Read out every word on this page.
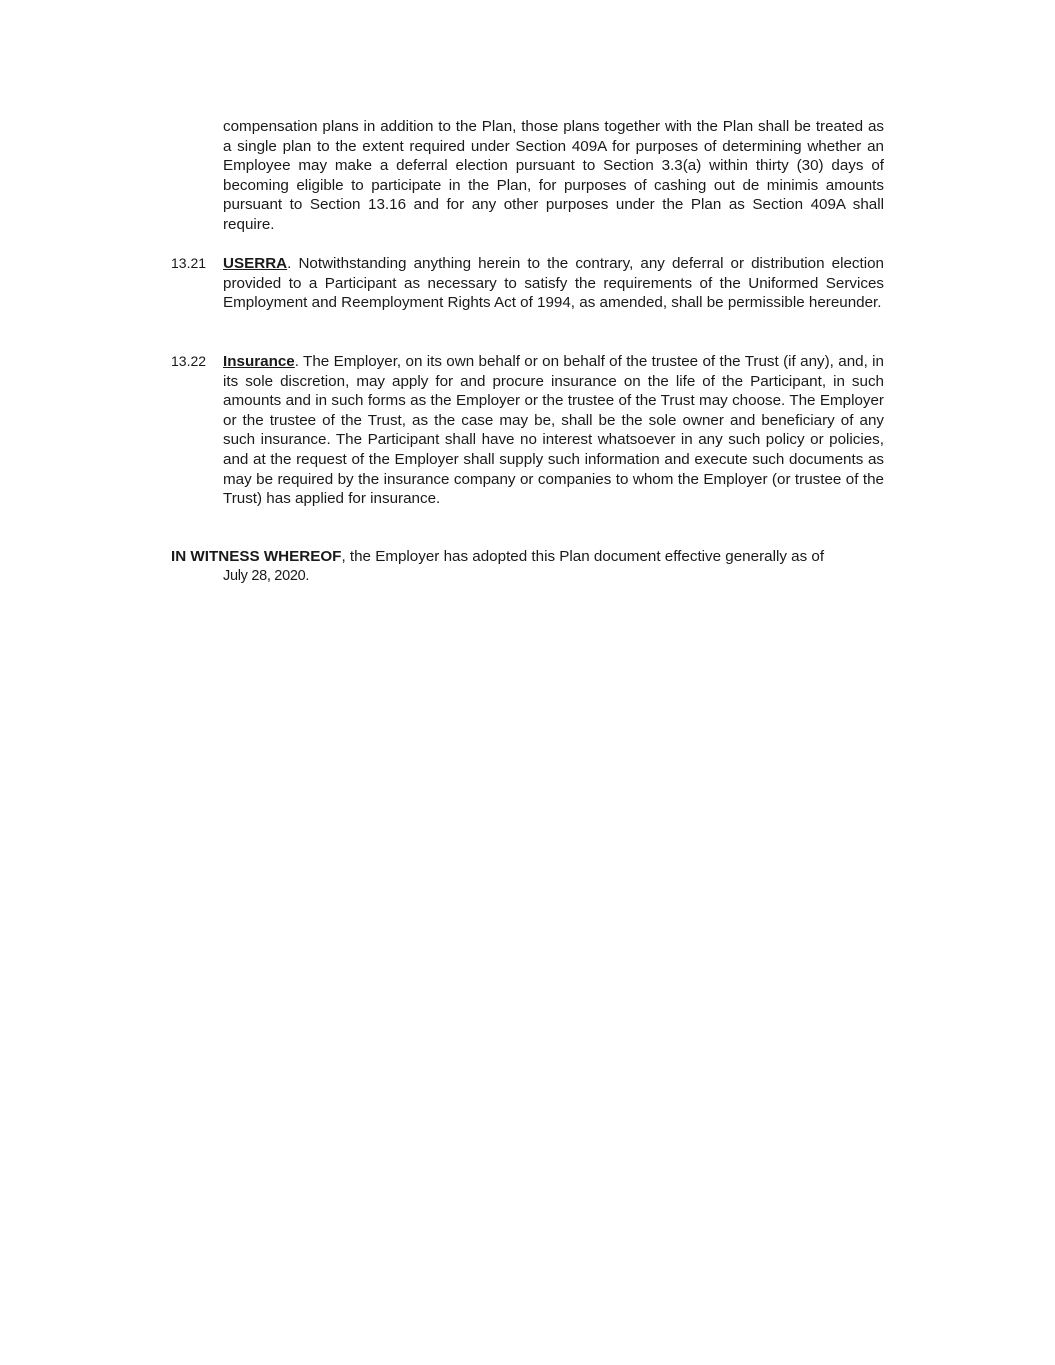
compensation plans in addition to the Plan, those plans together with the Plan shall be treated as a single plan to the extent required under Section 409A for purposes of determining whether an Employee may make a deferral election pursuant to Section 3.3(a) within thirty (30) days of becoming eligible to participate in the Plan, for purposes of cashing out de minimis amounts pursuant to Section 13.16 and for any other purposes under the Plan as Section 409A shall require.

13.21 USERRA. Notwithstanding anything herein to the contrary, any deferral or distribution election provided to a Participant as necessary to satisfy the requirements of the Uniformed Services Employment and Reemployment Rights Act of 1994, as amended, shall be permissible hereunder.

13.22 Insurance. The Employer, on its own behalf or on behalf of the trustee of the Trust (if any), and, in its sole discretion, may apply for and procure insurance on the life of the Participant, in such amounts and in such forms as the Employer or the trustee of the Trust may choose. The Employer or the trustee of the Trust, as the case may be, shall be the sole owner and beneficiary of any such insurance. The Participant shall have no interest whatsoever in any such policy or policies, and at the request of the Employer shall supply such information and execute such documents as may be required by the insurance company or companies to whom the Employer (or trustee of the Trust) has applied for insurance.

IN WITNESS WHEREOF, the Employer has adopted this Plan document effective generally as of
July 28, 2020.
